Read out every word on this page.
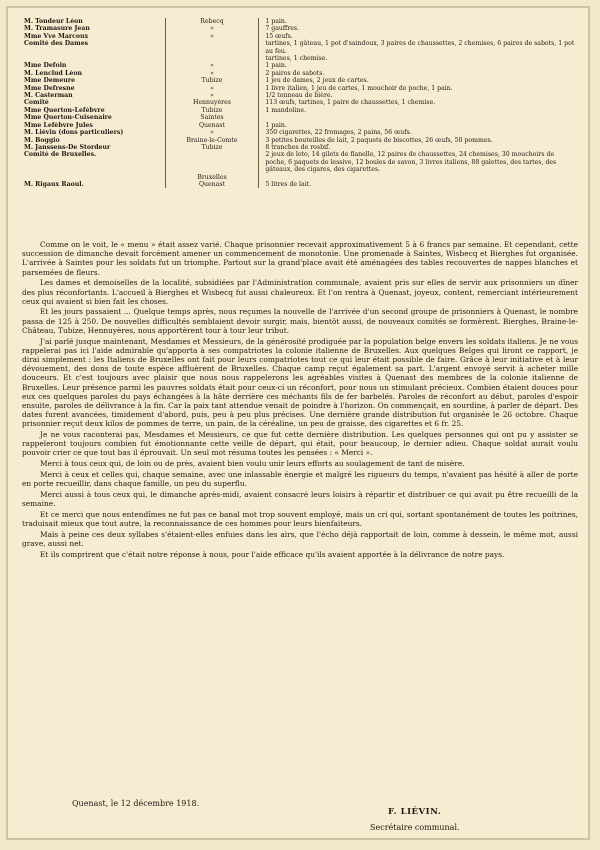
M. Tondeur Léon	Rebecq	1 pain.
M. Tramasure Jean	»	7 gauffres.
Mme Vve Marcoux	»	15 œufs.
Comité des Dames		tartines, 1 gâteau, 1 pot d'saindoux, 3 paires de chaussettes, 2 chemises, 6 paires de sabots, 1 pot au feu.
		tartines, 1 chemise.
Mme Defoin	»	1 pain.
M. Lenclud Léon	»	2 paires de sabots.
Mme Demeure	Tubize	1 jeu de dames, 2 jeux de cartes.
Mme Defresne	»	1 livre italien, 1 jeu de cartes, 1 mouchoir de poche, 1 pain.
M. Casterman	»	1/2 tonneau de bière.
Comité	Hennuyères	113 œufs, tartines, 1 paire de chaussettes, 1 chemise.
Mme Querton-Lefèbvre	Tubize	1 mandoline.
Mme Querton-Cuisenaire	Saintes	
Mme Lefèbvre Jules	Quenast	1 pain.
M. Liévin (dons particuliers)	»	350 cigarettes, 22 fromages, 2 pains, 56 œufs.
M. Boggio	Braine-le-Comte	3 petites bouteilles de lait, 2 paquets de biscottes, 26 œufs, 50 pommes.
M. Janssens-De Stordeur	Tubize	8 tranches de rosbif.
Comité de Bruxelles.		2 jeux de loto, 14 gilets de flanelle, 12 paires de chaussettes, 24 chemises, 30 mouchoirs de poche, 6 paquets de lessive, 12 boules de savon, 3 livres italiens, 88 galettes, des tartes, des gâteaux, des cigares, des cigarettes.
	Bruxelles	
M. Rigaux Raoul.	Quenast	5 litres de lait.

Comme on le voit, le « menu » était assez varié. Chaque prisonnier recevait approximativement 5 à 6 francs par semaine. Et cependant, cette succession de dimanche devait forcément amener un commencement de monotonie. Une promenade à Saintes, Wisbecq et Bierghes fut organisée. L'arrivée à Saintes pour les soldats fut un triomphe. Partout sur la grand'place avait été aménagées des tables recouvertes de nappes blanches et parsemées de fleurs.

Les dames et demoiselles de la localité, subsidiées par l'Administration communale, avaient pris sur elles de servir aux prisonniers un dîner des plus réconfortants. L'accueil à Bierghes et Wisbecq fut aussi chaleureux. Et l'on rentra à Quenast, joyeux, content, remerciant intérieurement ceux qui avaient si bien fait les choses.

Et les jours passaient ... Quelque temps après, nous reçumes la nouvelle de l'arrivée d'un second groupe de prisonniers à Quenast, le nombre passa de 125 à 250. De nouvelles difficultés semblaient devoir surgir, mais, bientôt aussi, de nouveaux comités se formèrent. Bierghes, Braine-le-Château, Tubize, Hennuyères, nous apportèrent tour à tour leur tribut.

J'ai parlé jusque maintenant, Mesdames et Messieurs, de la générosité prodiguée par la population belge envers les soldats italiens. Je ne vous rappelerai pas ici l'aide admirable qu'apporta à ses compatriotes la colonie italienne de Bruxelles. Aux quelques Belges qui liront ce rapport, je dirai simplement : les Italiens de Bruxelles ont fait pour leurs compatriotes tout ce qui leur était possible de faire. Grâce à leur initiative et à leur dévouement, des dons de toute espèce affluèrent de Bruxelles. Chaque camp reçut également sa part. L'argent envoyé servit à acheter mille douceurs. Et c'est toujours avec plaisir que nous nous rappelerons les agréables visites à Quenast des membres de la colonie italienne de Bruxelles. Leur présence parmi les pauvres soldats était pour ceux-ci un réconfort, pour nous un stimulant précieux. Combien étaient douces pour eux ces quelques paroles du pays échangées à la hâte derrière ces méchants fils de fer barbelés. Paroles de réconfort au début, paroles d'espoir ensuite, paroles de délivrance à la fin. Car la paix tant attendue venait de poindre à l'horizon. On commençait, en sourdine, à parler de départ. Des dates furent avancées, timidement d'abord, puis, peu à peu plus précises. Une dernière grande distribution fut organisée le 26 octobre. Chaque prisonnier reçut deux kilos de pommes de terre, un pain, de la céréaline, un peu de graisse, des cigarettes et 6 fr. 25.

Je ne vous raconterai pas, Mesdames et Messieurs, ce que fut cette dernière distribution. Les quelques personnes qui ont pu y assister se rappeleront toujours combien fut émotionnante cette veille de départ, qui était, pour beaucoup, le dernier adieu. Chaque soldat aurait voulu pouvoir crier ce que tout bas il éprouvait. Un seul mot résuma toutes les pensées : « Merci ».

Merci à tous ceux qui, de loin ou de près, avaient bien voulu unir leurs efforts au soulagement de tant de misère.

Merci à ceux et celles qui, chaque semaine, avec une inlassable énergie et malgré les rigueurs du temps, n'avaient pas hésité à aller de porte en porte recueillir, dans chaque famille, un peu du superflu.

Merci aussi à tous ceux qui, le dimanche après-midi, avaient consacré leurs loisirs à répartir et distribuer ce qui avait pu être recueilli de la semaine.

Et ce merci que nous entendîmes ne fut pas ce banal mot trop souvent employé, mais un cri qui, sortant spontanément de toutes les poitrines, traduisait mieux que tout autre, la reconnaissance de ces hommes pour leurs bienfaiteurs.

Mais à peine ces deux syllabes s'étaient-elles enfuies dans les airs, que l'écho déjà rapportait de loin, comme à dessein, le même mot, aussi grave, aussi net.

Et ils comprirent que c'était notre réponse à nous, pour l'aide efficace qu'ils avaient apportée à la délivrance de notre pays.

Quenast, le 12 décembre 1918.
F. LIÉVIN.
Secrétaire communal.
